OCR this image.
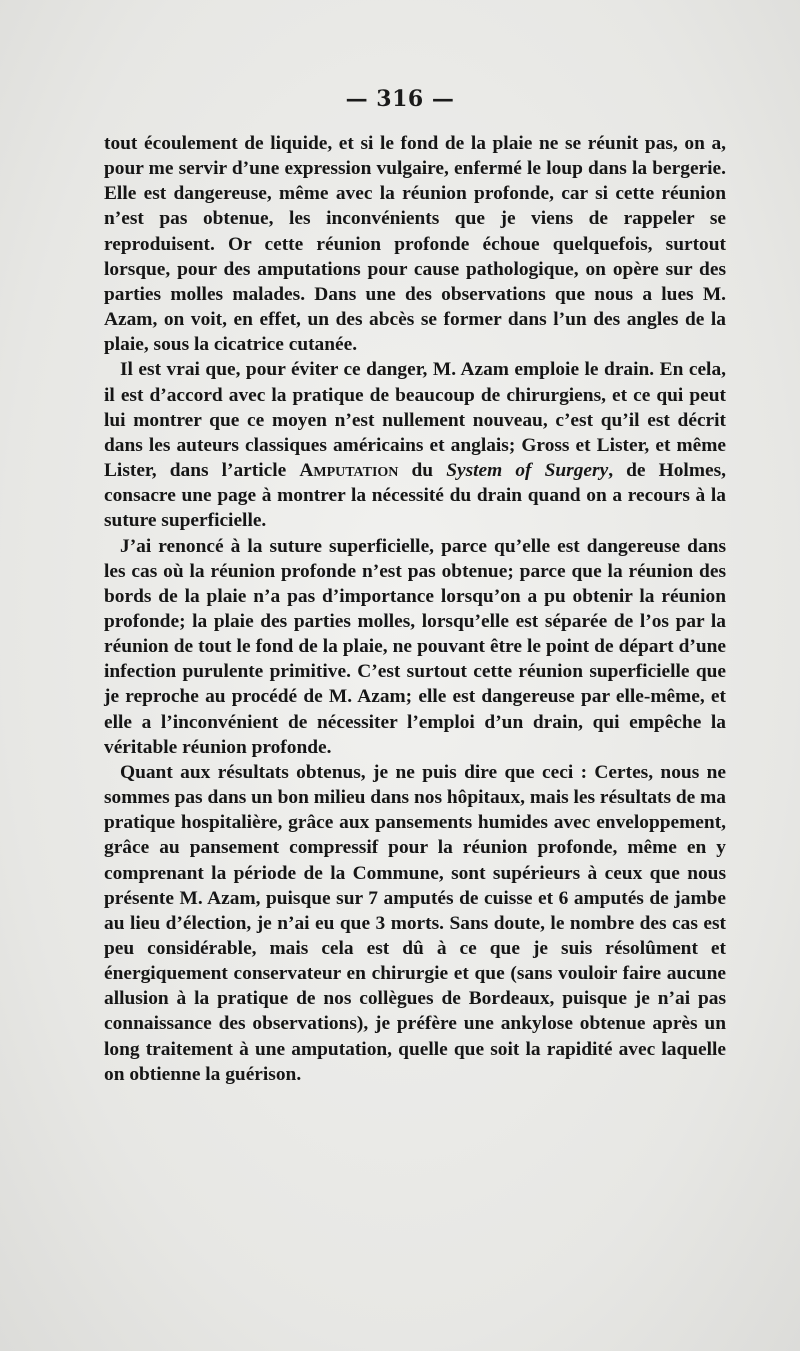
— 316 —

tout écoulement de liquide, et si le fond de la plaie ne se réunit pas, on a, pour me servir d’une expression vulgaire, enfermé le loup dans la bergerie. Elle est dangereuse, même avec la réunion profonde, car si cette réunion n’est pas obtenue, les inconvénients que je viens de rappeler se reproduisent. Or cette réunion profonde échoue quelquefois, surtout lorsque, pour des amputations pour cause pathologique, on opère sur des parties molles malades. Dans une des observations que nous a lues M. Azam, on voit, en effet, un des abcès se former dans l’un des angles de la plaie, sous la cicatrice cutanée.

Il est vrai que, pour éviter ce danger, M. Azam emploie le drain. En cela, il est d’accord avec la pratique de beaucoup de chirurgiens, et ce qui peut lui montrer que ce moyen n’est nullement nouveau, c’est qu’il est décrit dans les auteurs classiques américains et anglais; Gross et Lister, et même Lister, dans l’article Amputation du System of Surgery, de Holmes, consacre une page à montrer la nécessité du drain quand on a recours à la suture superficielle.

J’ai renoncé à la suture superficielle, parce qu’elle est dangereuse dans les cas où la réunion profonde n’est pas obtenue; parce que la réunion des bords de la plaie n’a pas d’importance lorsqu’on a pu obtenir la réunion profonde; la plaie des parties molles, lorsqu’elle est séparée de l’os par la réunion de tout le fond de la plaie, ne pouvant être le point de départ d’une infection purulente primitive. C’est surtout cette réunion superficielle que je reproche au procédé de M. Azam; elle est dangereuse par elle-même, et elle a l’inconvénient de nécessiter l’emploi d’un drain, qui empêche la véritable réunion profonde.

Quant aux résultats obtenus, je ne puis dire que ceci : Certes, nous ne sommes pas dans un bon milieu dans nos hôpitaux, mais les résultats de ma pratique hospitalière, grâce aux pansements humides avec enveloppement, grâce au pansement compressif pour la réunion profonde, même en y comprenant la période de la Commune, sont supérieurs à ceux que nous présente M. Azam, puisque sur 7 amputés de cuisse et 6 amputés de jambe au lieu d’élection, je n’ai eu que 3 morts. Sans doute, le nombre des cas est peu considérable, mais cela est dû à ce que je suis résolûment et énergiquement conservateur en chirurgie et que (sans vouloir faire aucune allusion à la pratique de nos collègues de Bordeaux, puisque je n’ai pas connaissance des observations), je préfère une ankylose obtenue après un long traitement à une amputation, quelle que soit la rapidité avec laquelle on obtienne la guérison.
